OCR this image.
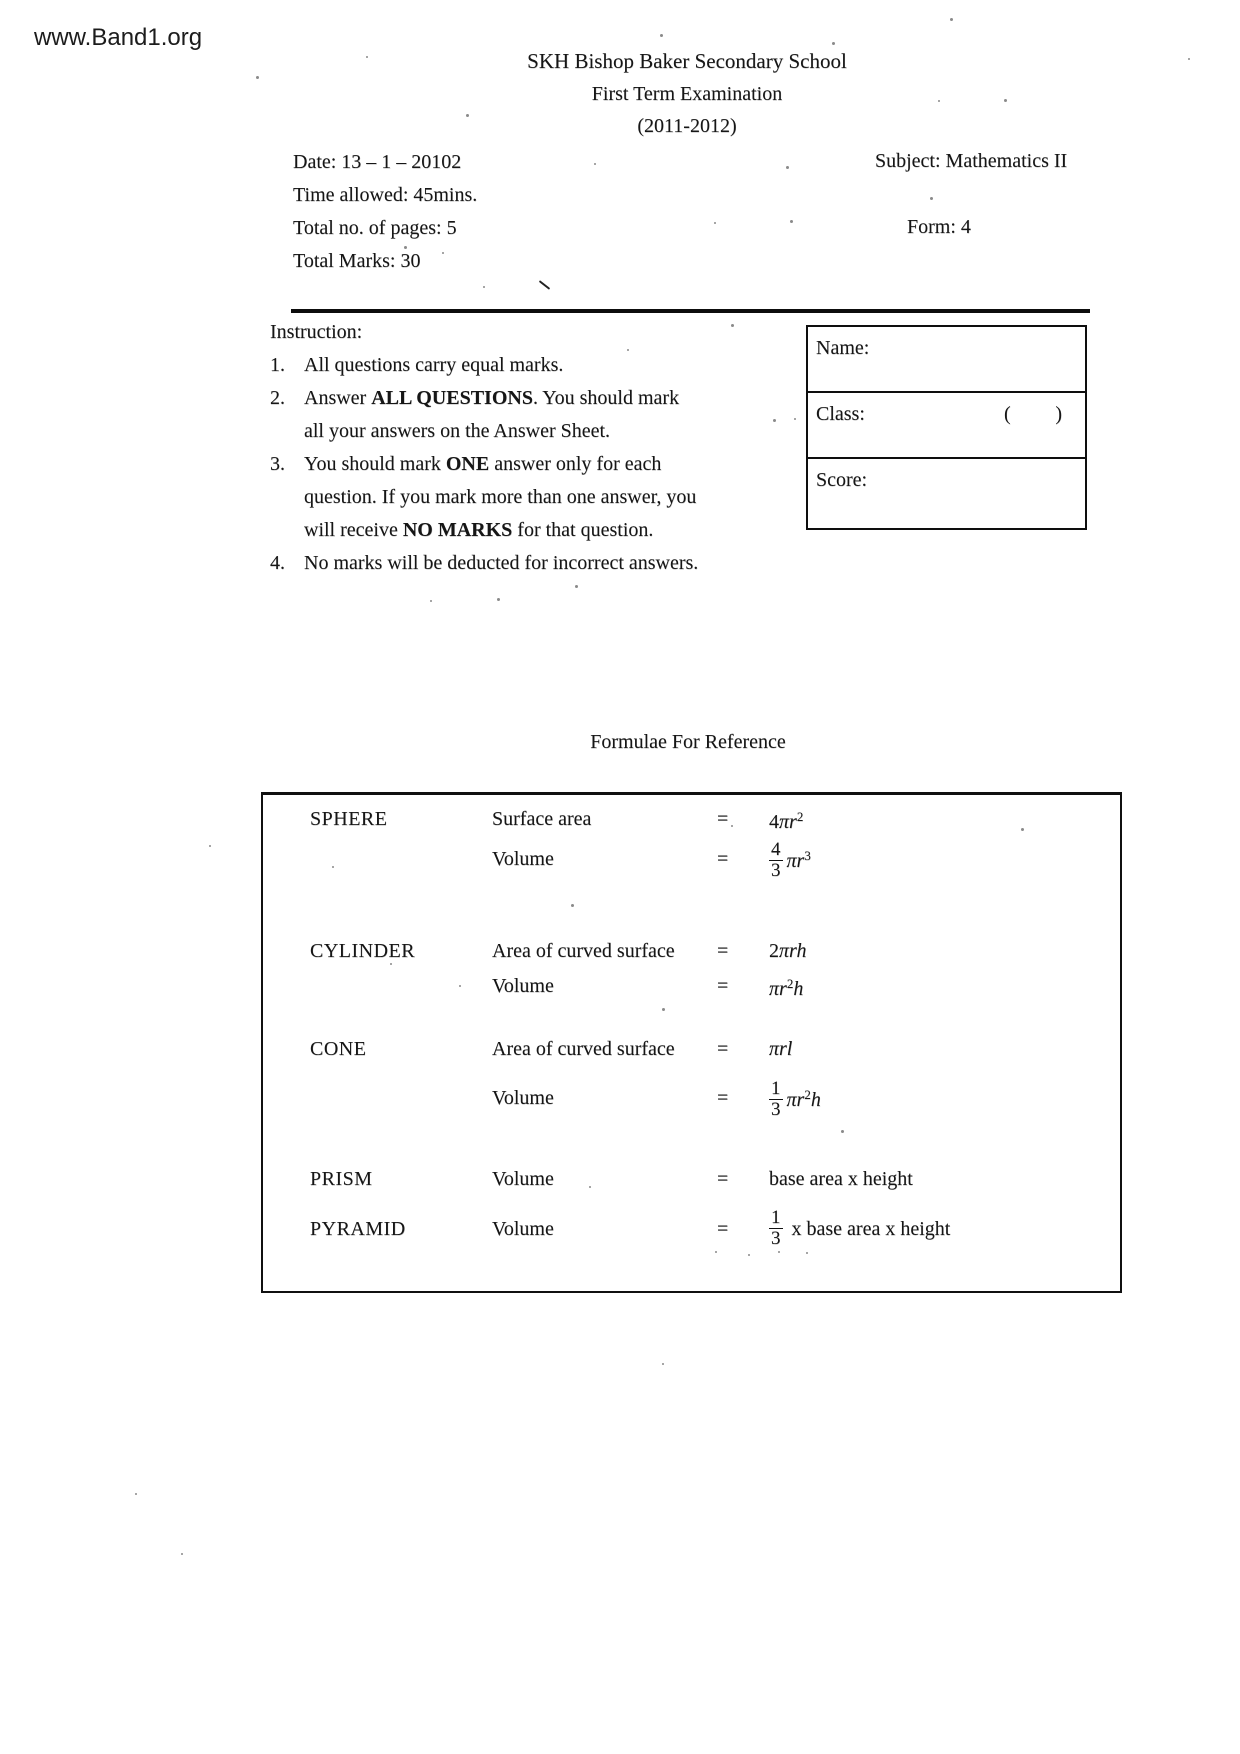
www.Band1.org
SKH Bishop Baker Secondary School
First Term Examination
(2011-2012)
Date: 13 – 1 – 20102
Time allowed: 45mins.
Total no. of pages: 5
Total Marks: 30
Subject: Mathematics II
Form: 4
Instruction:
1. All questions carry equal marks.
2. Answer ALL QUESTIONS. You should mark
all your answers on the Answer Sheet.
3. You should mark ONE answer only for each
question. If you mark more than one answer, you
will receive NO MARKS for that question.
4. No marks will be deducted for incorrect answers.
Name:
Class:	( )
Score:
Formulae For Reference
SPHERE	Surface area	=	$4\pi r^2$
Volume	=	$\frac{4}{3} \pi r^3$
CYLINDER	Area of curved surface	=	2πrh
Volume	=	$\pi r^2h$
CONE	Area of curved surface	=	πrl
Volume	=	$\frac{1}{3} \pi r^2h$
PRISM	Volume	=	base area x height
PYRAMID	Volume	=	$\frac{1}{3}$ x base area x height
